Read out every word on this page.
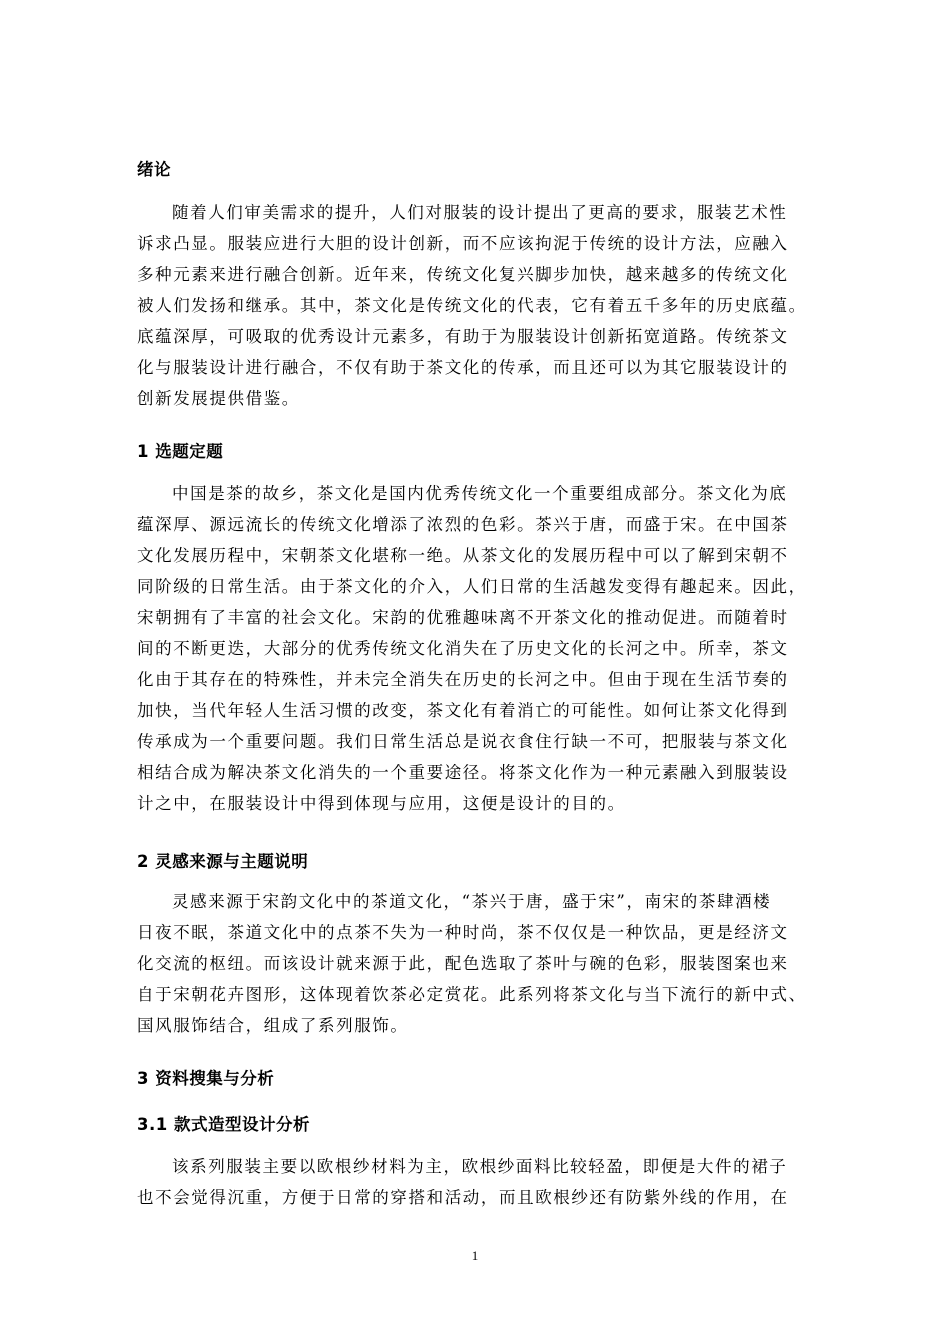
绪论
随着人们审美需求的提升，人们对服装的设计提出了更高的要求，服装艺术性
诉求凸显。服装应进行大胆的设计创新，而不应该拘泥于传统的设计方法，应融入
多种元素来进行融合创新。近年来，传统文化复兴脚步加快，越来越多的传统文化
被人们发扬和继承。其中，茶文化是传统文化的代表，它有着五千多年的历史底蕴。
底蕴深厚，可吸取的优秀设计元素多，有助于为服装设计创新拓宽道路。传统茶文
化与服装设计进行融合，不仅有助于茶文化的传承，而且还可以为其它服装设计的
创新发展提供借鉴。
1 选题定题
中国是茶的故乡，茶文化是国内优秀传统文化一个重要组成部分。茶文化为底
蕴深厚、源远流长的传统文化增添了浓烈的色彩。茶兴于唐，而盛于宋。在中国茶
文化发展历程中，宋朝茶文化堪称一绝。从茶文化的发展历程中可以了解到宋朝不
同阶级的日常生活。由于茶文化的介入，人们日常的生活越发变得有趣起来。因此，
宋朝拥有了丰富的社会文化。宋韵的优雅趣味离不开茶文化的推动促进。而随着时
间的不断更迭，大部分的优秀传统文化消失在了历史文化的长河之中。所幸，茶文
化由于其存在的特殊性，并未完全消失在历史的长河之中。但由于现在生活节奏的
加快，当代年轻人生活习惯的改变，茶文化有着消亡的可能性。如何让茶文化得到
传承成为一个重要问题。我们日常生活总是说衣食住行缺一不可，把服装与茶文化
相结合成为解决茶文化消失的一个重要途径。将茶文化作为一种元素融入到服装设
计之中，在服装设计中得到体现与应用，这便是设计的目的。
2 灵感来源与主题说明
灵感来源于宋韵文化中的茶道文化，“茶兴于唐，盛于宋”，南宋的茶肆酒楼
日夜不眠，茶道文化中的点茶不失为一种时尚，茶不仅仅是一种饮品，更是经济文
化交流的枢纽。而该设计就来源于此，配色选取了茶叶与碗的色彩，服装图案也来
自于宋朝花卉图形，这体现着饮茶必定赏花。此系列将茶文化与当下流行的新中式、
国风服饰结合，组成了系列服饰。
3 资料搜集与分析
3.1 款式造型设计分析
该系列服装主要以欧根纱材料为主，欧根纱面料比较轻盈，即便是大件的裙子
也不会觉得沉重，方便于日常的穿搭和活动，而且欧根纱还有防紫外线的作用，在
1
